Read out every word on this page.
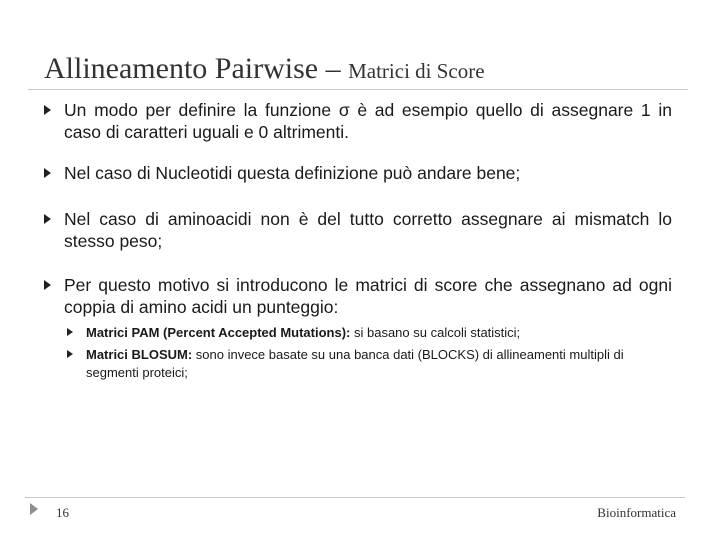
Allineamento Pairwise – Matrici di Score
Un modo per definire la funzione σ è ad esempio quello di assegnare 1 in caso di caratteri uguali e 0 altrimenti.
Nel caso di Nucleotidi questa definizione può andare bene;
Nel caso di aminoacidi non è del tutto corretto assegnare ai mismatch lo stesso peso;
Per questo motivo si introducono le matrici di score che assegnano ad ogni coppia di amino acidi un punteggio:
Matrici PAM (Percent Accepted Mutations): si basano su calcoli statistici;
Matrici BLOSUM: sono invece basate su una banca dati (BLOCKS) di allineamenti multipli di segmenti proteici;
16	Bioinformatica
